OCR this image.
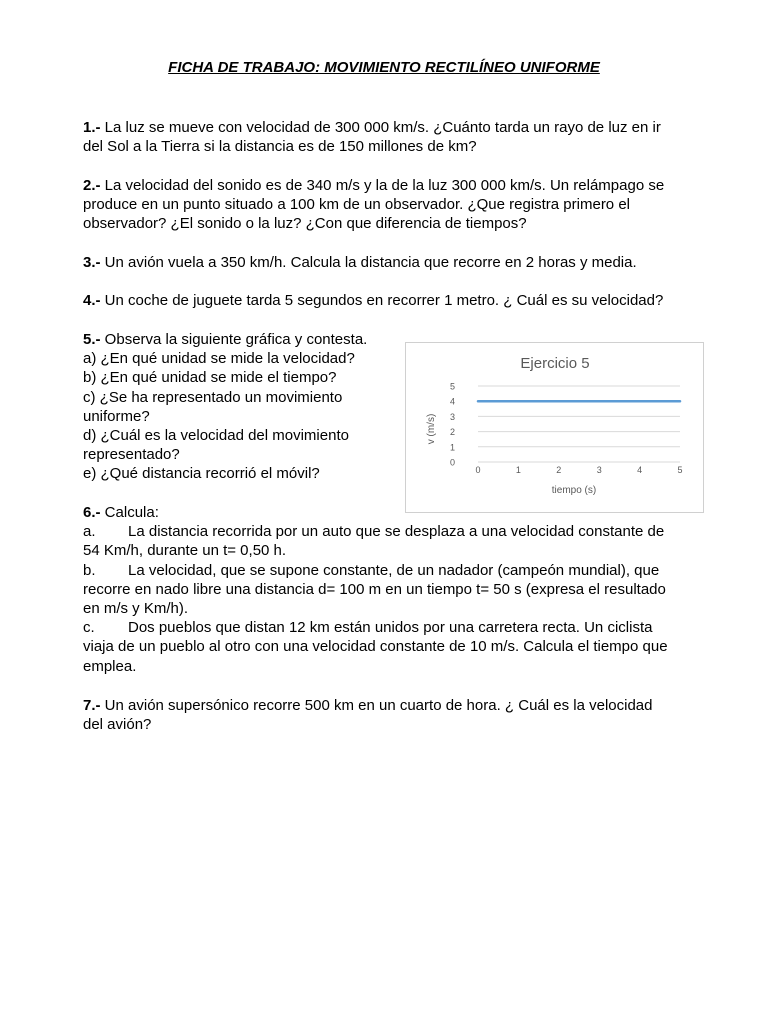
FICHA DE TRABAJO: MOVIMIENTO RECTILÍNEO UNIFORME
1.- La luz se mueve con velocidad de 300 000 km/s. ¿Cuánto tarda un rayo de luz en ir
del Sol a la Tierra si la distancia es de 150 millones de km?
2.- La velocidad del sonido es de 340 m/s y la de la luz 300 000 km/s. Un relámpago se
produce en un punto situado a 100 km de un observador. ¿Que registra primero el
observador? ¿El sonido o la luz? ¿Con que diferencia de tiempos?
3.- Un avión vuela a 350 km/h. Calcula la distancia que recorre en 2 horas y media.
4.- Un coche de juguete tarda 5 segundos en recorrer 1 metro. ¿ Cuál es su velocidad?
5.- Observa la siguiente gráfica y contesta.
a) ¿En qué unidad se mide la velocidad?
b) ¿En qué unidad se mide el tiempo?
c) ¿Se ha representado un movimiento
uniforme?
d) ¿Cuál es la velocidad del movimiento
representado?
e) ¿Qué distancia recorrió el móvil?
Ejercicio 5
v (m/s)
tiempo (s)
0
1
2
3
4
5
0	1	2	3	4	5
6.- Calcula:
a.	La distancia recorrida por un auto que se desplaza a una velocidad constante de
54 Km/h, durante un t= 0,50 h.
b.	La velocidad, que se supone constante, de un nadador (campeón mundial), que
recorre en nado libre una distancia d= 100 m en un tiempo t= 50 s (expresa el resultado
en m/s y Km/h).
c.	Dos pueblos que distan 12 km están unidos por una carretera recta. Un ciclista
viaja de un pueblo al otro con una velocidad constante de 10 m/s. Calcula el tiempo que
emplea.
7.- Un avión supersónico recorre 500 km en un cuarto de hora. ¿ Cuál es la velocidad
del avión?
